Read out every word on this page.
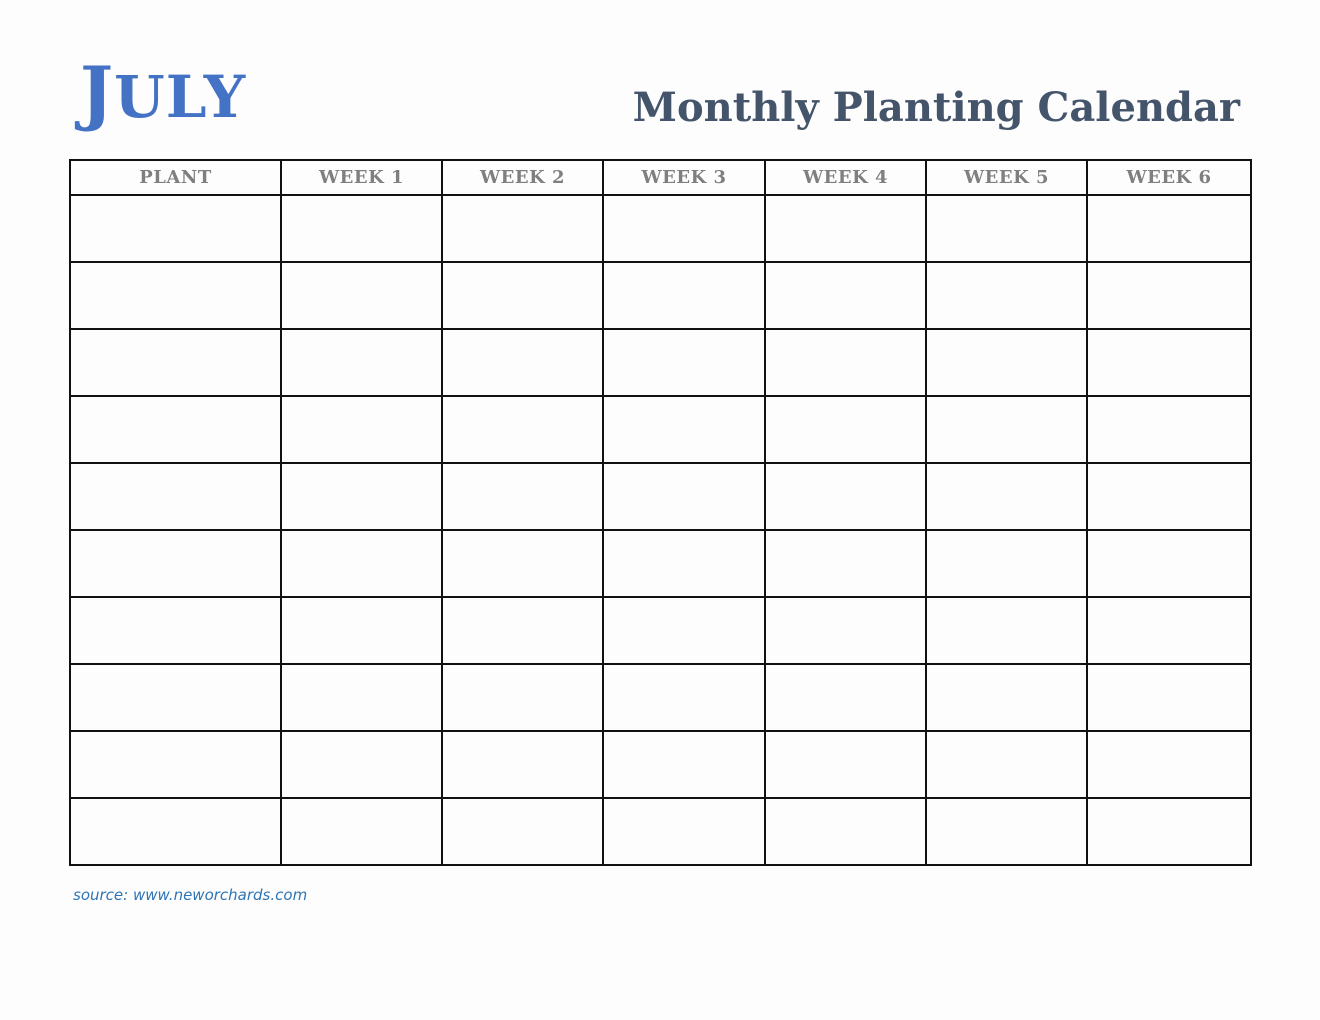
JULY	Monthly Planting Calendar
PLANT	WEEK 1	WEEK 2	WEEK 3	WEEK 4	WEEK 5	WEEK 6

source: www.neworchards.com
